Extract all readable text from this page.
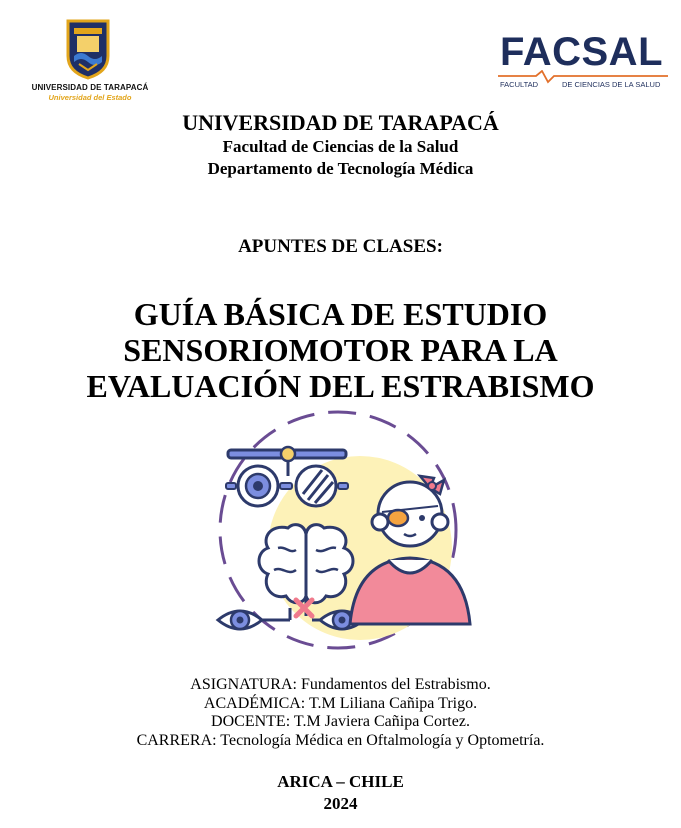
UNIVERSIDAD DE TARAPACÁ
Universidad del Estado
FACSAL
FACULTAD	DE CIENCIAS DE LA SALUD
UNIVERSIDAD DE TARAPACÁ
Facultad de Ciencias de la Salud
Departamento de Tecnología Médica
APUNTES DE CLASES:
GUÍA BÁSICA DE ESTUDIO
SENSORIOMOTOR PARA LA
EVALUACIÓN DEL ESTRABISMO
ASIGNATURA: Fundamentos del Estrabismo.
ACADÉMICA: T.M Liliana Cañipa Trigo.
DOCENTE: T.M Javiera Cañipa Cortez.
CARRERA: Tecnología Médica en Oftalmología y Optometría.
ARICA – CHILE
2024
